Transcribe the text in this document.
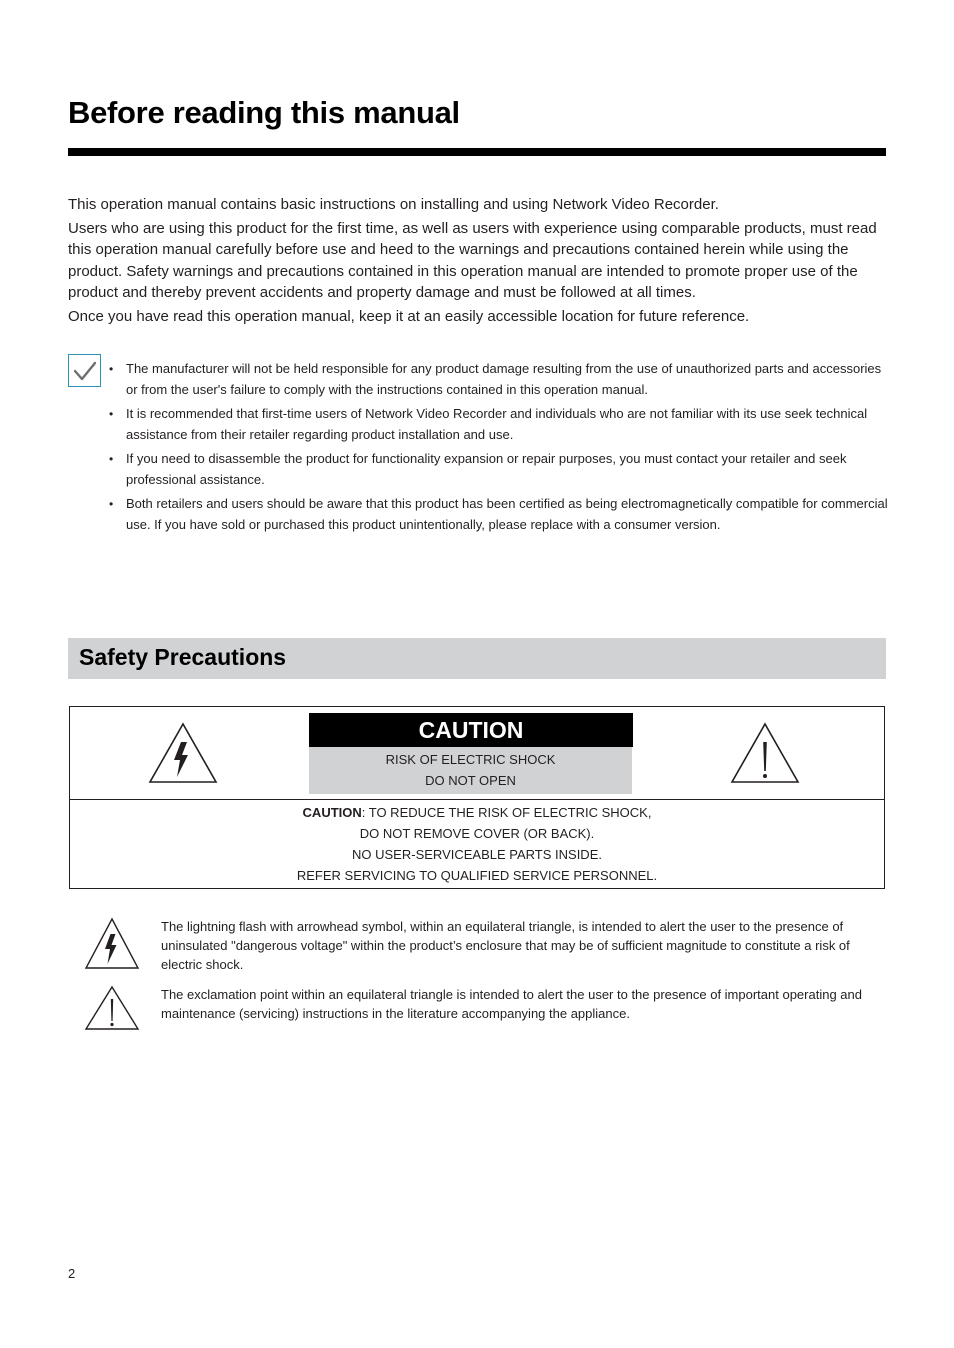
Before reading this manual

This operation manual contains basic instructions on installing and using Network Video Recorder.

Users who are using this product for the first time, as well as users with experience using comparable products, must read this operation manual carefully before use and heed to the warnings and precautions contained herein while using the product. Safety warnings and precautions contained in this operation manual are intended to promote proper use of the product and thereby prevent accidents and property damage and must be followed at all times.

Once you have read this operation manual, keep it at an easily accessible location for future reference.

• The manufacturer will not be held responsible for any product damage resulting from the use of unauthorized parts and accessories or from the user's failure to comply with the instructions contained in this operation manual.
• It is recommended that first-time users of Network Video Recorder and individuals who are not familiar with its use seek technical assistance from their retailer regarding product installation and use.
• If you need to disassemble the product for functionality expansion or repair purposes, you must contact your retailer and seek professional assistance.
• Both retailers and users should be aware that this product has been certified as being electromagnetically compatible for commercial use. If you have sold or purchased this product unintentionally, please replace with a consumer version.
Safety Precautions
CAUTION
RISK OF ELECTRIC SHOCK
DO NOT OPEN
CAUTION: TO REDUCE THE RISK OF ELECTRIC SHOCK,
DO NOT REMOVE COVER (OR BACK).
NO USER-SERVICEABLE PARTS INSIDE.
REFER SERVICING TO QUALIFIED SERVICE PERSONNEL.
The lightning flash with arrowhead symbol, within an equilateral triangle, is intended to alert the user to the presence of uninsulated "dangerous voltage" within the product’s enclosure that may be of sufficient magnitude to constitute a risk of electric shock.
The exclamation point within an equilateral triangle is intended to alert the user to the presence of important operating and maintenance (servicing) instructions in the literature accompanying the appliance.
2
